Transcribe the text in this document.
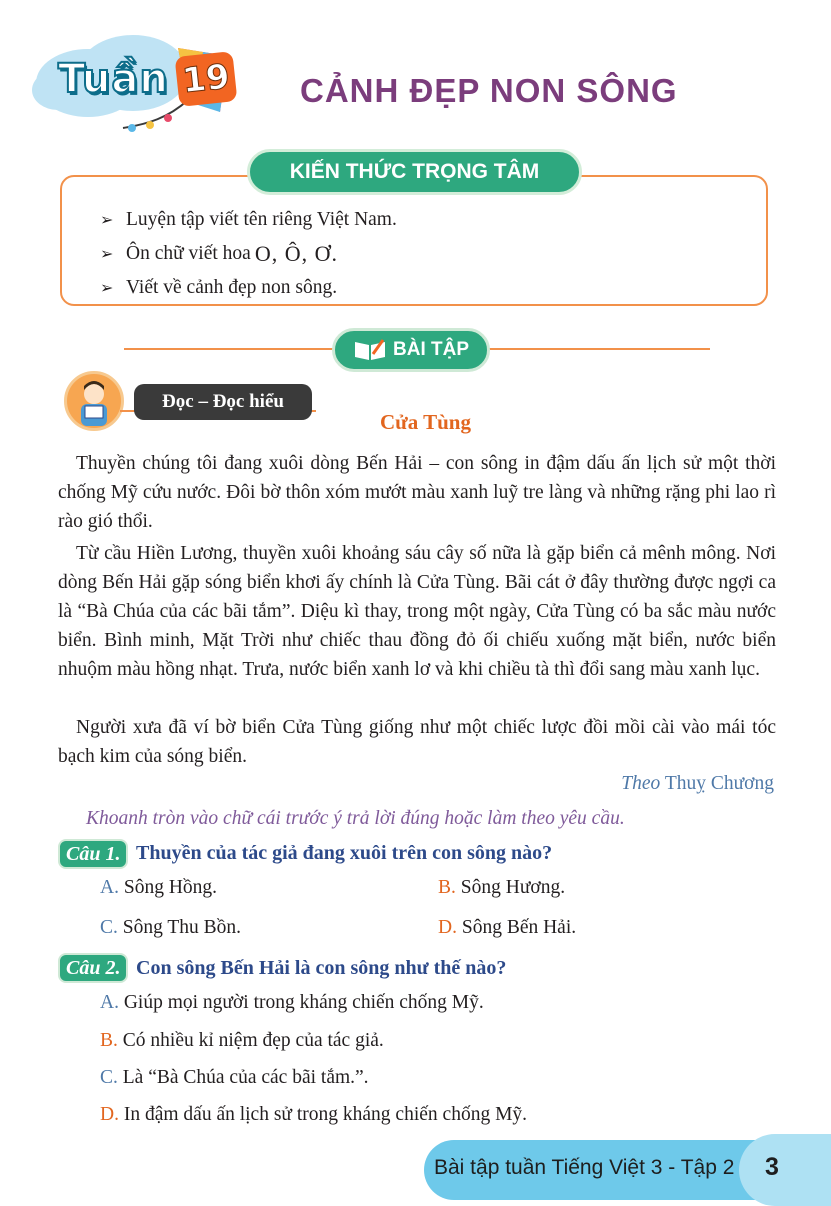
Tuần 19 CẢNH ĐẸP NON SÔNG
KIẾN THỨC TRỌNG TÂM
➢ Luyện tập viết tên riêng Việt Nam.
➢ Ôn chữ viết hoa O, Ô, Ơ.
➢ Viết về cảnh đẹp non sông.
BÀI TẬP
Đọc – Đọc hiểu
Cửa Tùng

Thuyền chúng tôi đang xuôi dòng Bến Hải – con sông in đậm dấu ấn lịch sử một thời chống Mỹ cứu nước. Đôi bờ thôn xóm mướt màu xanh luỹ tre làng và những rặng phi lao rì rào gió thổi.

Từ cầu Hiền Lương, thuyền xuôi khoảng sáu cây số nữa là gặp biển cả mênh mông. Nơi dòng Bến Hải gặp sóng biển khơi ấy chính là Cửa Tùng. Bãi cát ở đây thường được ngợi ca là “Bà Chúa của các bãi tắm”. Diệu kì thay, trong một ngày, Cửa Tùng có ba sắc màu nước biển. Bình minh, Mặt Trời như chiếc thau đồng đỏ ối chiếu xuống mặt biển, nước biển nhuộm màu hồng nhạt. Trưa, nước biển xanh lơ và khi chiều tà thì đổi sang màu xanh lục.

Người xưa đã ví bờ biển Cửa Tùng giống như một chiếc lược đồi mồi cài vào mái tóc bạch kim của sóng biển.

Theo Thuỵ Chương
Khoanh tròn vào chữ cái trước ý trả lời đúng hoặc làm theo yêu cầu.
Câu 1. Thuyền của tác giả đang xuôi trên con sông nào?
A. Sông Hồng.	B. Sông Hương.
C. Sông Thu Bồn.	D. Sông Bến Hải.
Câu 2. Con sông Bến Hải là con sông như thế nào?
A. Giúp mọi người trong kháng chiến chống Mỹ.
B. Có nhiều kỉ niệm đẹp của tác giả.
C. Là “Bà Chúa của các bãi tắm.”.
D. In đậm dấu ấn lịch sử trong kháng chiến chống Mỹ.
Bài tập tuần Tiếng Việt 3 - Tập 2 3
